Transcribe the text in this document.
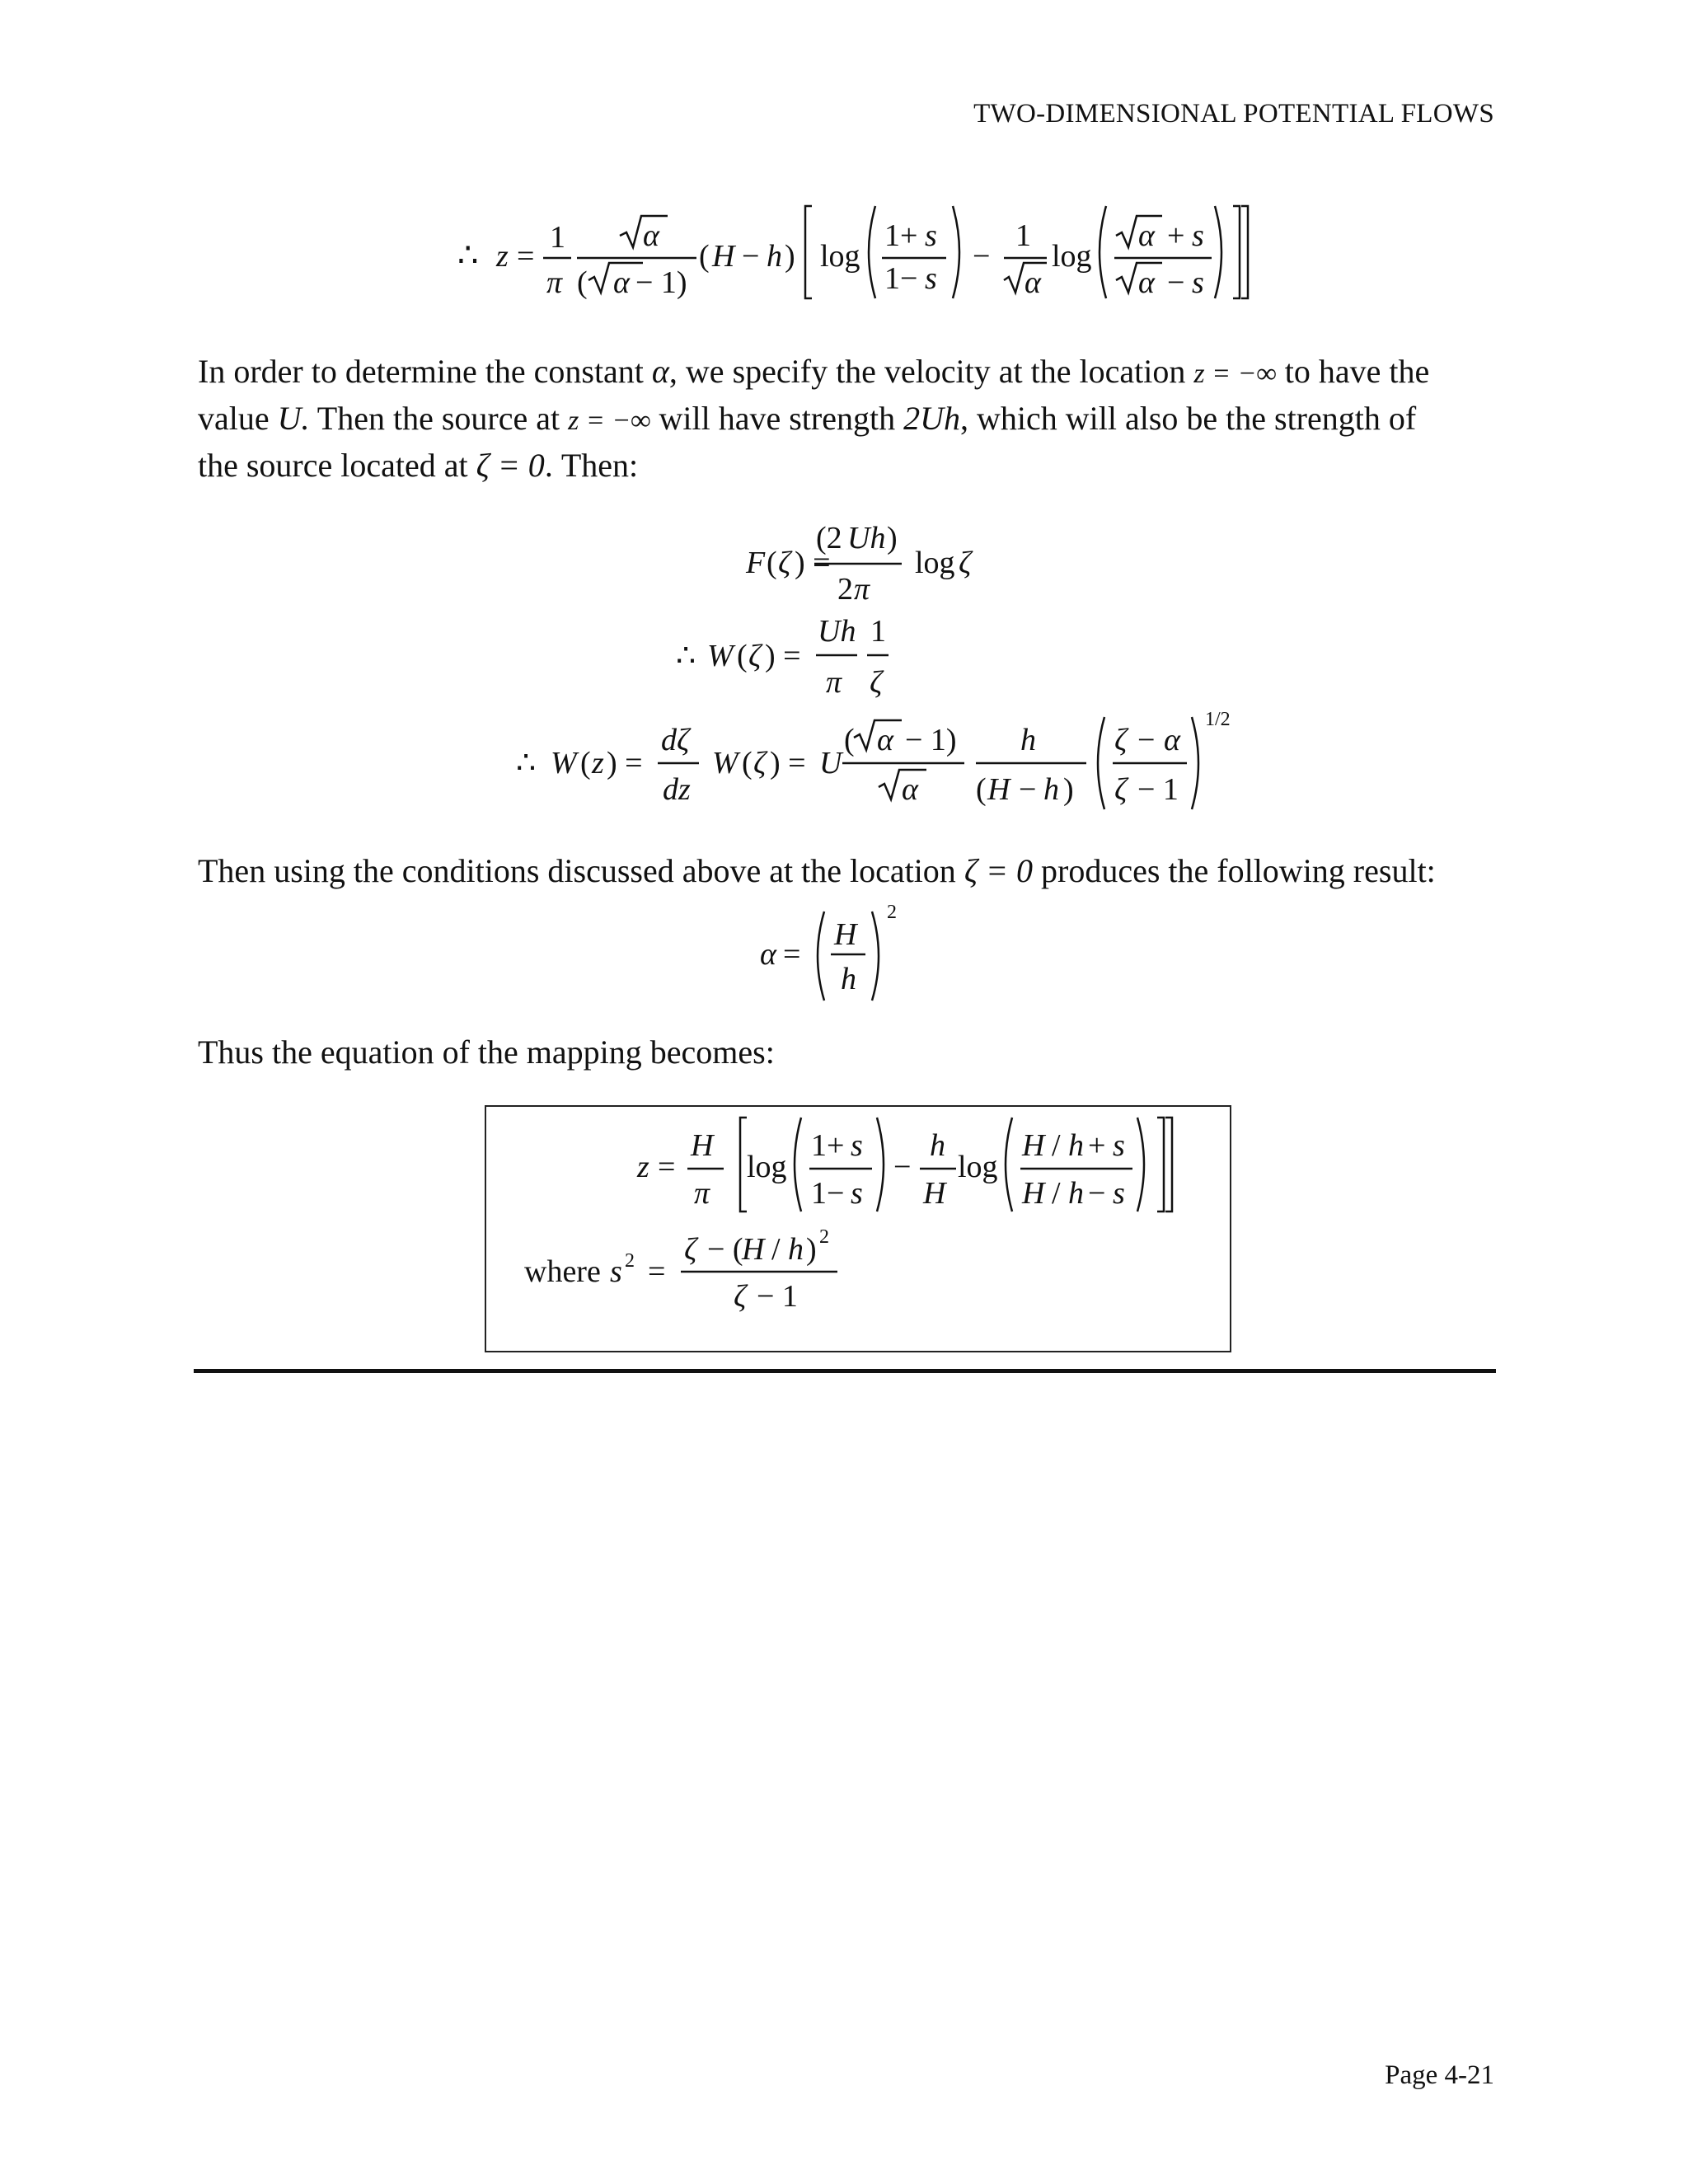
TWO-DIMENSIONAL POTENTIAL FLOWS
∴ z =
1
π
α
( α − 1)
( H − h ) log
1+ s
1− s
−
1
α
log
α + s
α − s
F ( ζ ) =
(2 Uh )
2 π
log ζ
∴ W ( ζ ) =
Uh
π
1
ζ
∴ W ( z ) =
dζ
dz
W ( ζ ) = U
( α − 1)
α
h
( H − h )
ζ − α
ζ − 1
1/2
α =
H
h
2
z =
H
π
log
1+ s
1− s
−
h
H
log
H / h + s
H / h − s
where s 2 =
ζ − (
H / h ) 2
ζ − 1
In order to determine the constant α, we specify the velocity at the location z = −∞ to have the
value U. Then the source at z = −∞ will have strength 2Uh, which will also be the strength of
the source located at ζ = 0. Then:
Then using the conditions discussed above at the location ζ = 0 produces the following result:
Thus the equation of the mapping becomes:
Page 4-21
